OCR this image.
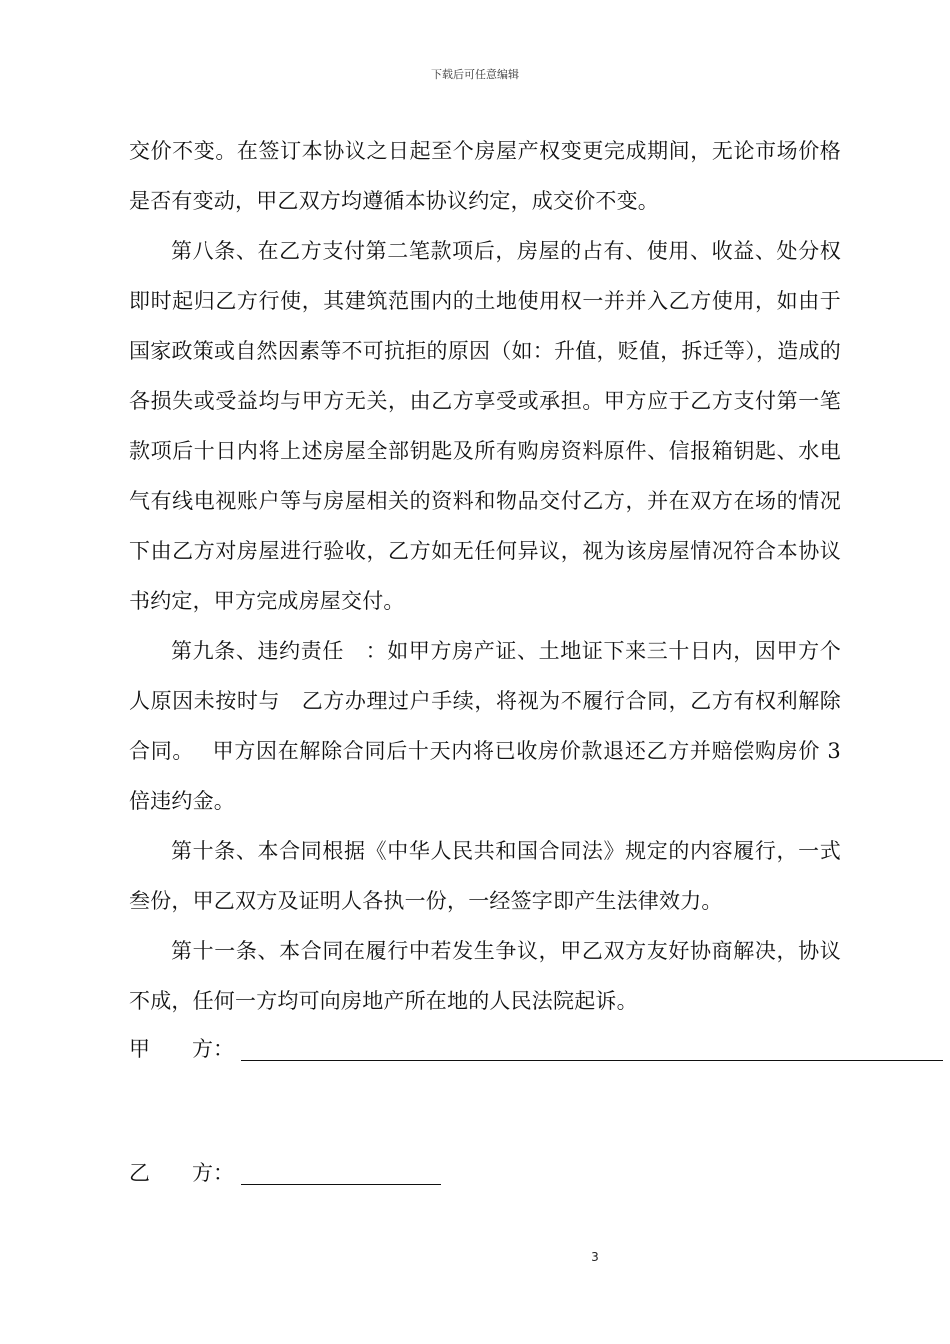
下载后可任意编辑

交价不变。在签订本协议之日起至个房屋产权变更完成期间，无论市场价格是否有变动，甲乙双方均遵循本协议约定，成交价不变。

第八条、在乙方支付第二笔款项后，房屋的占有、使用、收益、处分权即时起归乙方行使，其建筑范围内的土地使用权一并并入乙方使用，如由于国家政策或自然因素等不可抗拒的原因（如：升值，贬值，拆迁等），造成的各损失或受益均与甲方无关，由乙方享受或承担。甲方应于乙方支付第一笔款项后十日内将上述房屋全部钥匙及所有购房资料原件、信报箱钥匙、水电气有线电视账户等与房屋相关的资料和物品交付乙方，并在双方在场的情况下由乙方对房屋进行验收，乙方如无任何异议，视为该房屋情况符合本协议书约定，甲方完成房屋交付。

第九条、违约责任　：如甲方房产证、土地证下来三十日内，因甲方个人原因未按时与　乙方办理过户手续，将视为不履行合同，乙方有权利解除合同。　 甲方因在解除合同后十天内将已收房价款退还乙方并赔偿购房价 3 倍违约金。

第十条、本合同根据《中华人民共和国合同法》规定的内容履行，一式叁份，甲乙双方及证明人各执一份，一经签字即产生法律效力。

第十一条、本合同在履行中若发生争议，甲乙双方友好协商解决，协议不成，任何一方均可向房地产所在地的人民法院起诉。

甲　　方：
乙　　方：
3
